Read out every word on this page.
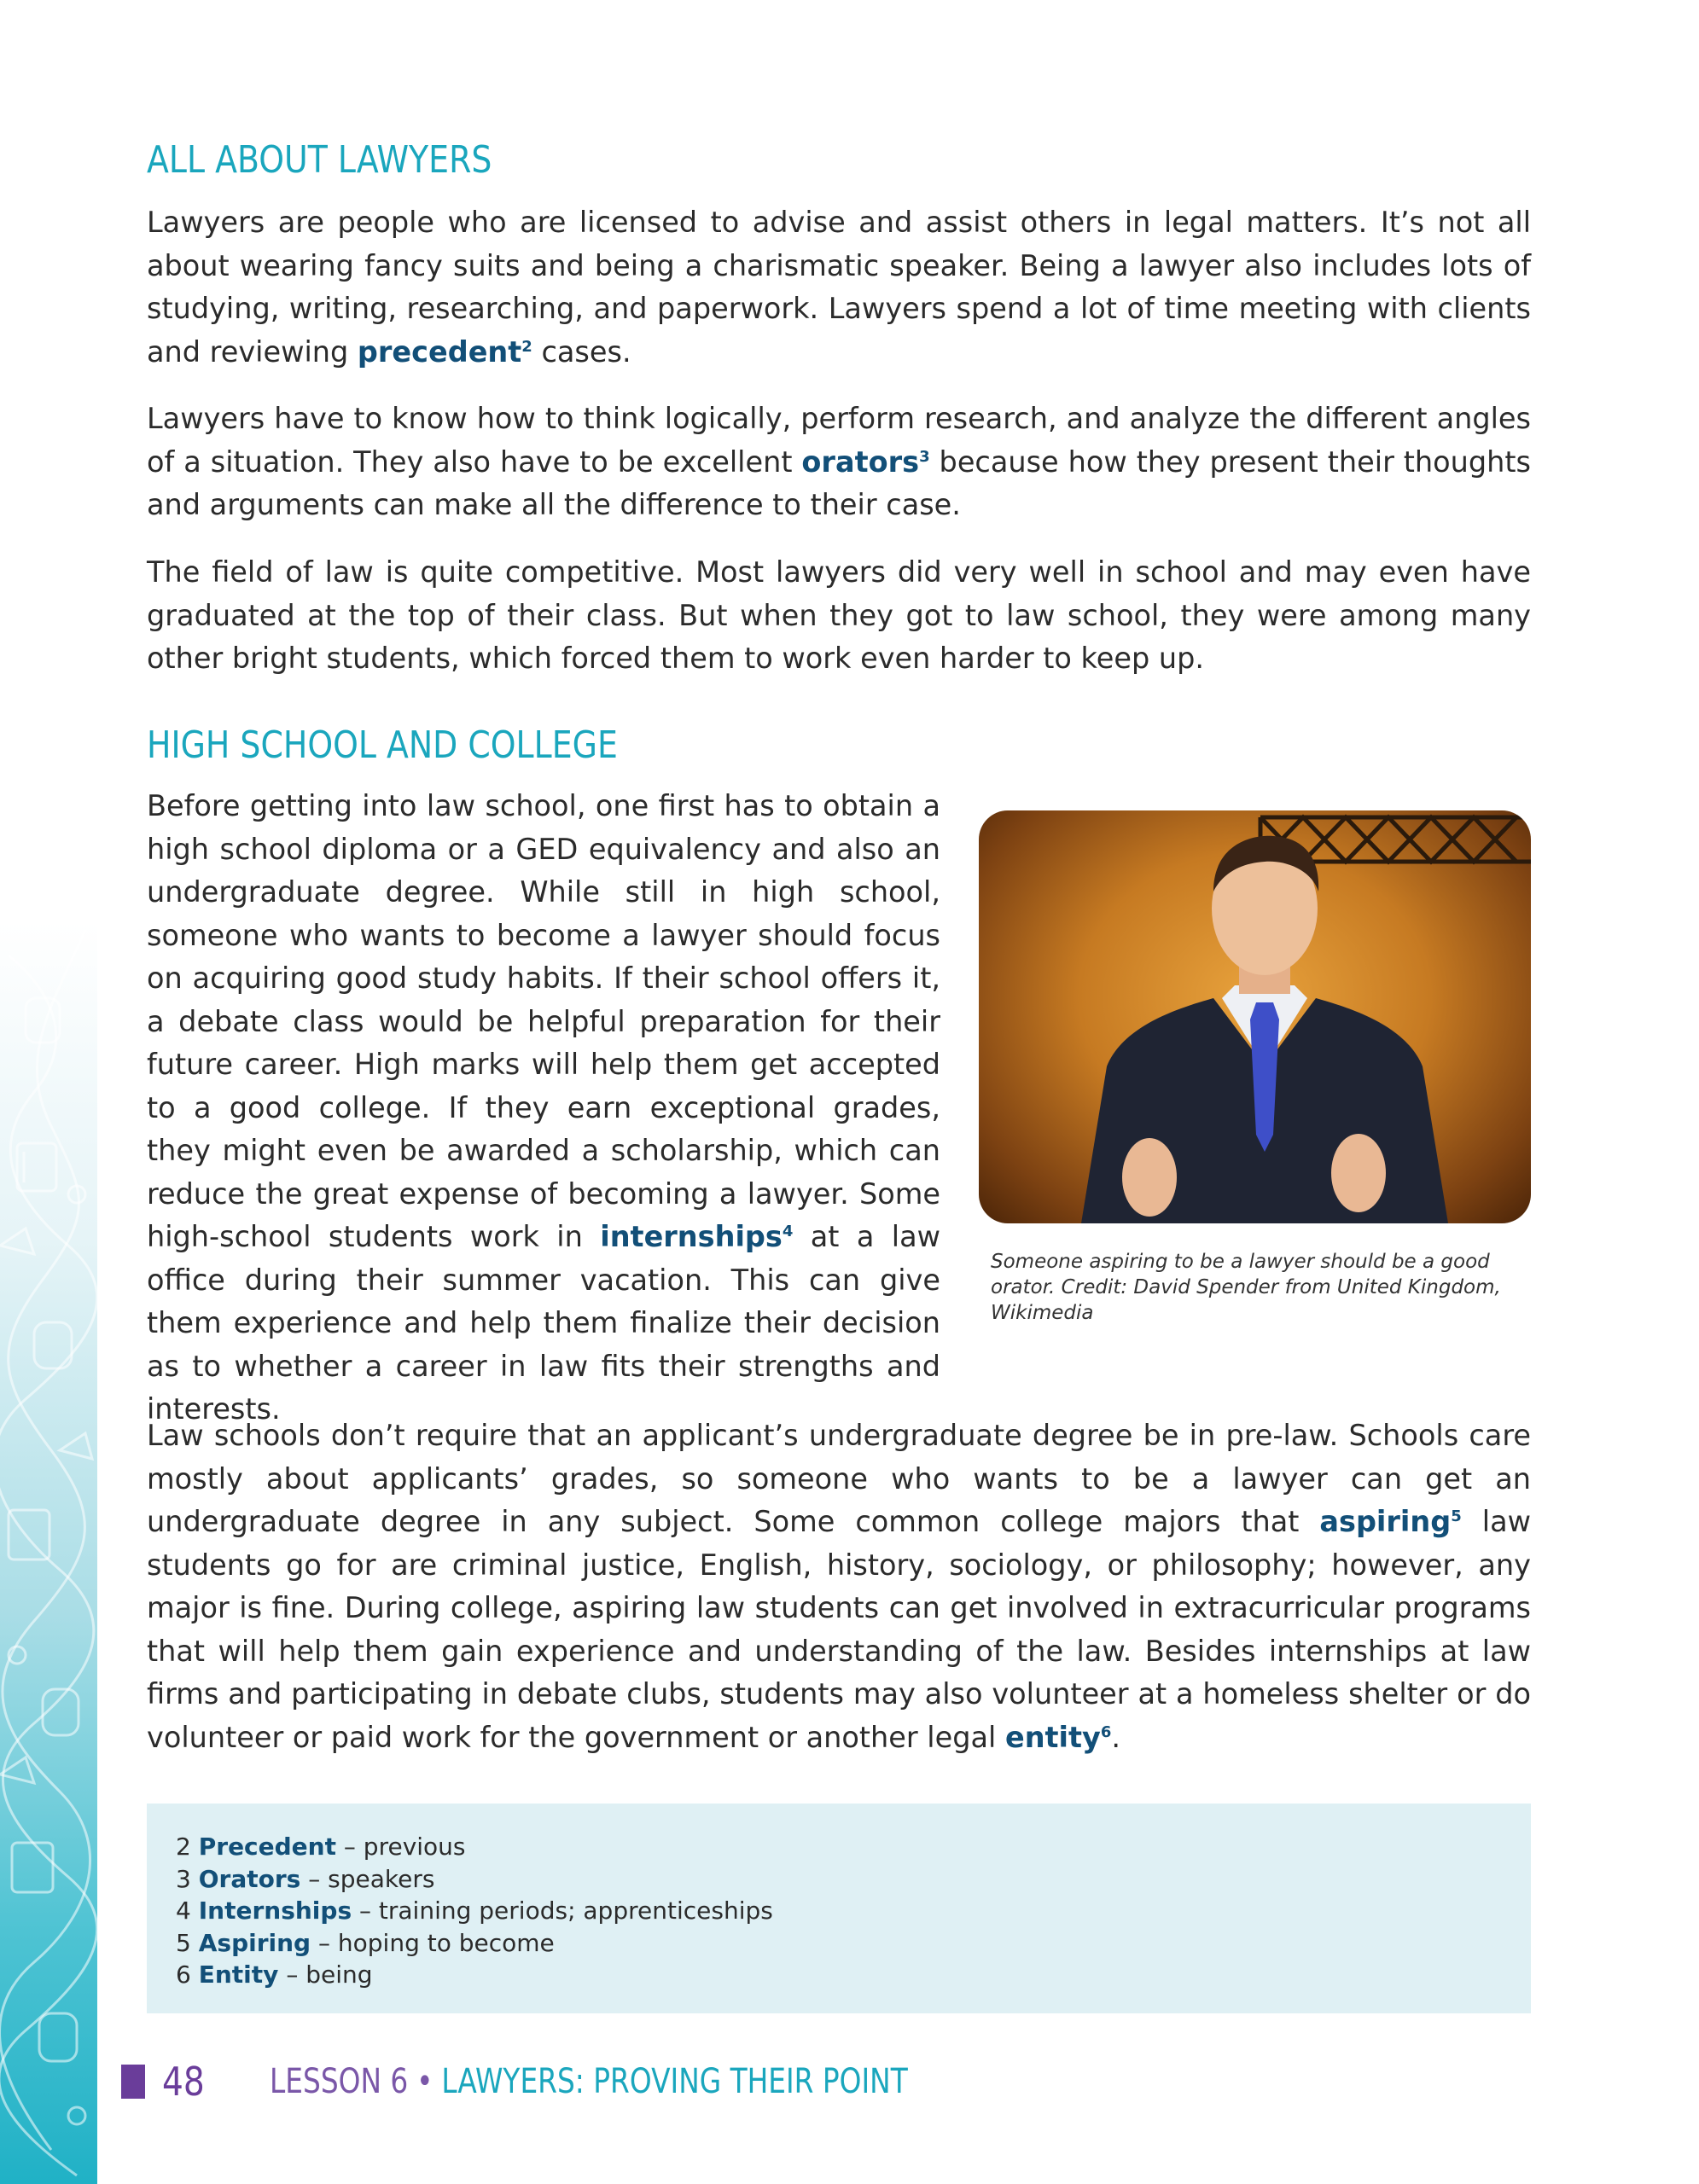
ALL ABOUT LAWYERS

Lawyers are people who are licensed to advise and assist others in legal matters. It’s not all about wearing fancy suits and being a charismatic speaker. Being a lawyer also includes lots of studying, writing, researching, and paperwork. Lawyers spend a lot of time meeting with clients and reviewing precedent$^2$ cases.

Lawyers have to know how to think logically, perform research, and analyze the different angles of a situation. They also have to be excellent orators$^3$ because how they present their thoughts and arguments can make all the difference to their case.

The field of law is quite competitive. Most lawyers did very well in school and may even have graduated at the top of their class. But when they got to law school, they were among many other bright students, which forced them to work even harder to keep up.

HIGH SCHOOL AND COLLEGE

Before getting into law school, one first has to obtain a high school diploma or a GED equivalency and also an undergraduate degree. While still in high school, someone who wants to become a lawyer should focus on acquiring good study habits. If their school offers it, a debate class would be helpful preparation for their future career. High marks will help them get accepted to a good college. If they earn exceptional grades, they might even be awarded a scholarship, which can reduce the great expense of becoming a lawyer. Some high-school students work in internships$^4$ at a law office during their summer vacation. This can give them experience and help them finalize their decision as to whether a career in law fits their strengths and interests.

Someone aspiring to be a lawyer should be a good orator. Credit: David Spender from United Kingdom, Wikimedia

Law schools don’t require that an applicant’s undergraduate degree be in pre-law. Schools care mostly about applicants’ grades, so someone who wants to be a lawyer can get an undergraduate degree in any subject. Some common college majors that aspiring$^5$ law students go for are criminal justice, English, history, sociology, or philosophy; however, any major is fine. During college, aspiring law students can get involved in extracurricular programs that will help them gain experience and understanding of the law. Besides internships at law firms and participating in debate clubs, students may also volunteer at a homeless shelter or do volunteer or paid work for the government or another legal entity$^6$.

2 Precedent – previous
3 Orators – speakers
4 Internships – training periods; apprenticeships
5 Aspiring – hoping to become
6 Entity – being
48 LESSON 6 • LAWYERS: PROVING THEIR POINT
